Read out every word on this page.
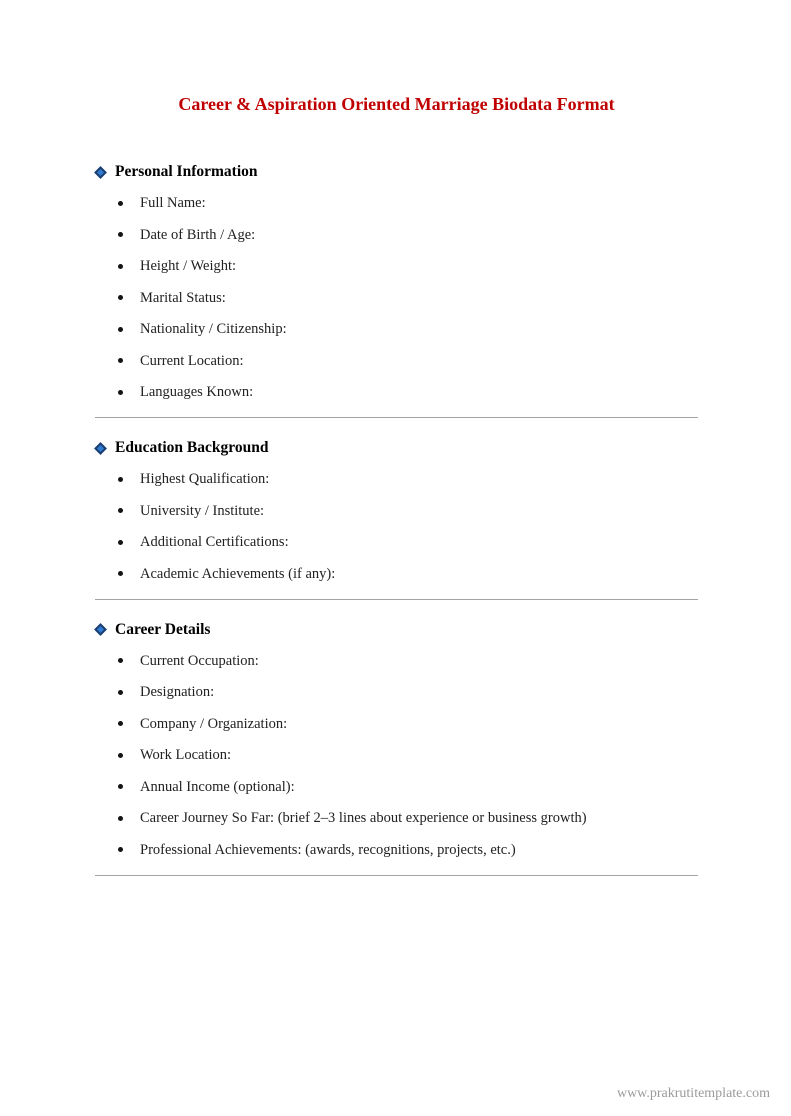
Career & Aspiration Oriented Marriage Biodata Format
Personal Information
Full Name:
Date of Birth / Age:
Height / Weight:
Marital Status:
Nationality / Citizenship:
Current Location:
Languages Known:
Education Background
Highest Qualification:
University / Institute:
Additional Certifications:
Academic Achievements (if any):
Career Details
Current Occupation:
Designation:
Company / Organization:
Work Location:
Annual Income (optional):
Career Journey So Far: (brief 2–3 lines about experience or business growth)
Professional Achievements: (awards, recognitions, projects, etc.)
www.prakrutitemplate.com
